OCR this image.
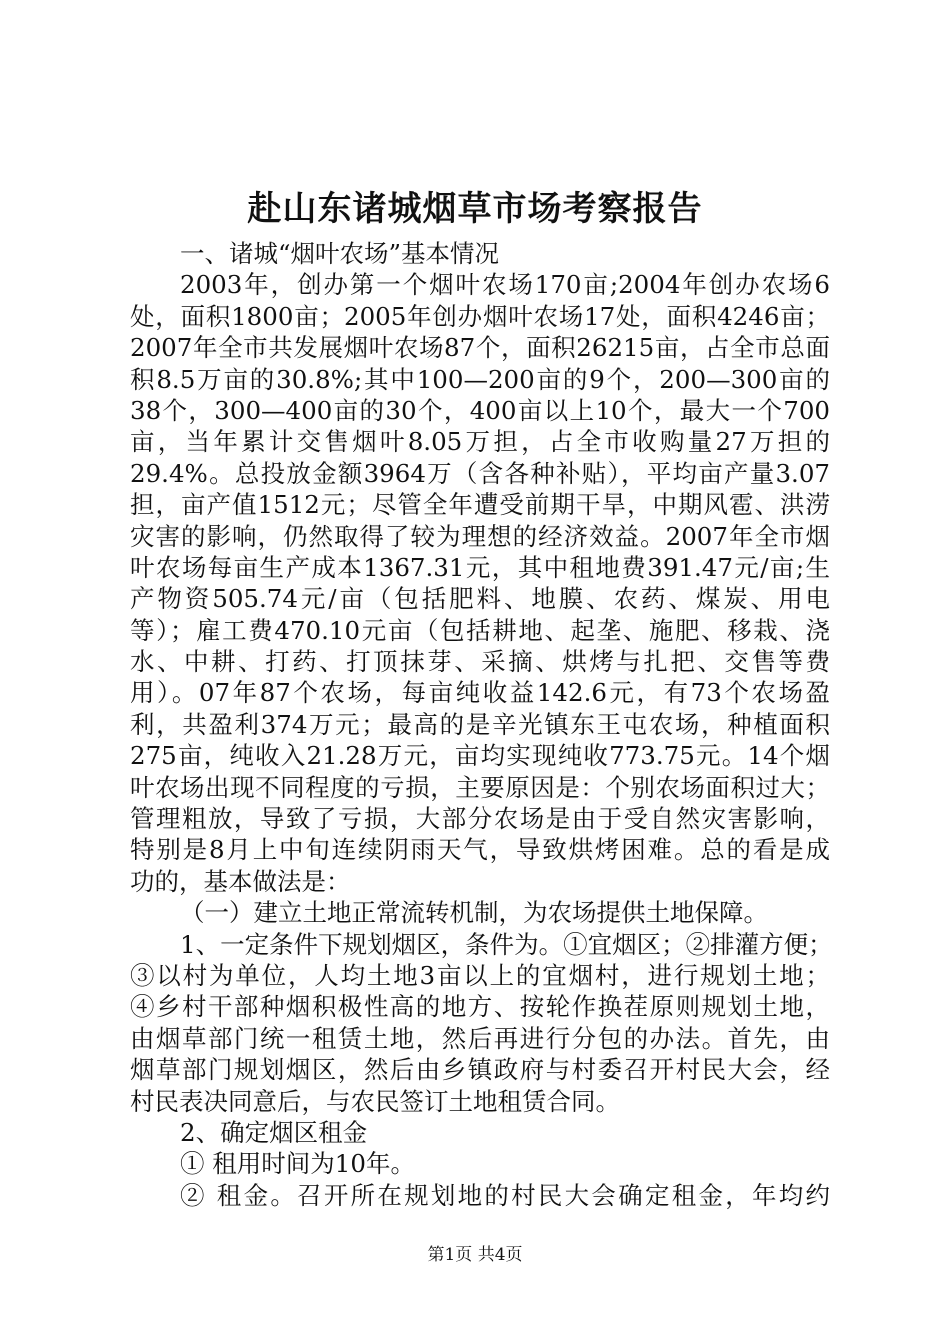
赴山东诸城烟草市场考察报告
一、诸城“烟叶农场”基本情况
2003年，创办第一个烟叶农场170亩;2004年创办农场6
处，面积1800亩；2005年创办烟叶农场17处，面积4246亩；
2007年全市共发展烟叶农场87个，面积26215亩，占全市总面
积8.5万亩的30.8%;其中100—200亩的9个，200—300亩的
38个，300—400亩的30个，400亩以上10个，最大一个700
亩，当年累计交售烟叶8.05万担，占全市收购量27万担的
29.4%。总投放金额3964万（含各种补贴），平均亩产量3.07
担，亩产值1512元；尽管全年遭受前期干旱，中期风雹、洪涝
灾害的影响，仍然取得了较为理想的经济效益。2007年全市烟
叶农场每亩生产成本1367.31元，其中租地费391.47元/亩;生
产物资505.74元/亩（包括肥料、地膜、农药、煤炭、用电
等）；雇工费470.10元亩（包括耕地、起垄、施肥、移栽、浇
水、中耕、打药、打顶抹芽、采摘、烘烤与扎把、交售等费
用）。07年87个农场，每亩纯收益142.6元，有73个农场盈
利，共盈利374万元；最高的是辛光镇东王屯农场，种植面积
275亩，纯收入21.28万元，亩均实现纯收773.75元。14个烟
叶农场出现不同程度的亏损，主要原因是：个别农场面积过大；
管理粗放，导致了亏损，大部分农场是由于受自然灾害影响，
特别是8月上中旬连续阴雨天气，导致烘烤困难。总的看是成
功的，基本做法是：
（一）建立土地正常流转机制，为农场提供土地保障。
1、一定条件下规划烟区，条件为。①宜烟区；②排灌方便；
③以村为单位，人均土地3亩以上的宜烟村，进行规划土地；
④乡村干部种烟积极性高的地方、按轮作换茬原则规划土地，
由烟草部门统一租赁土地，然后再进行分包的办法。首先，由
烟草部门规划烟区，然后由乡镇政府与村委召开村民大会，经
村民表决同意后，与农民签订土地租赁合同。
2、确定烟区租金
① 租用时间为10年。
② 租金。召开所在规划地的村民大会确定租金，年均约
第1页 共4页
